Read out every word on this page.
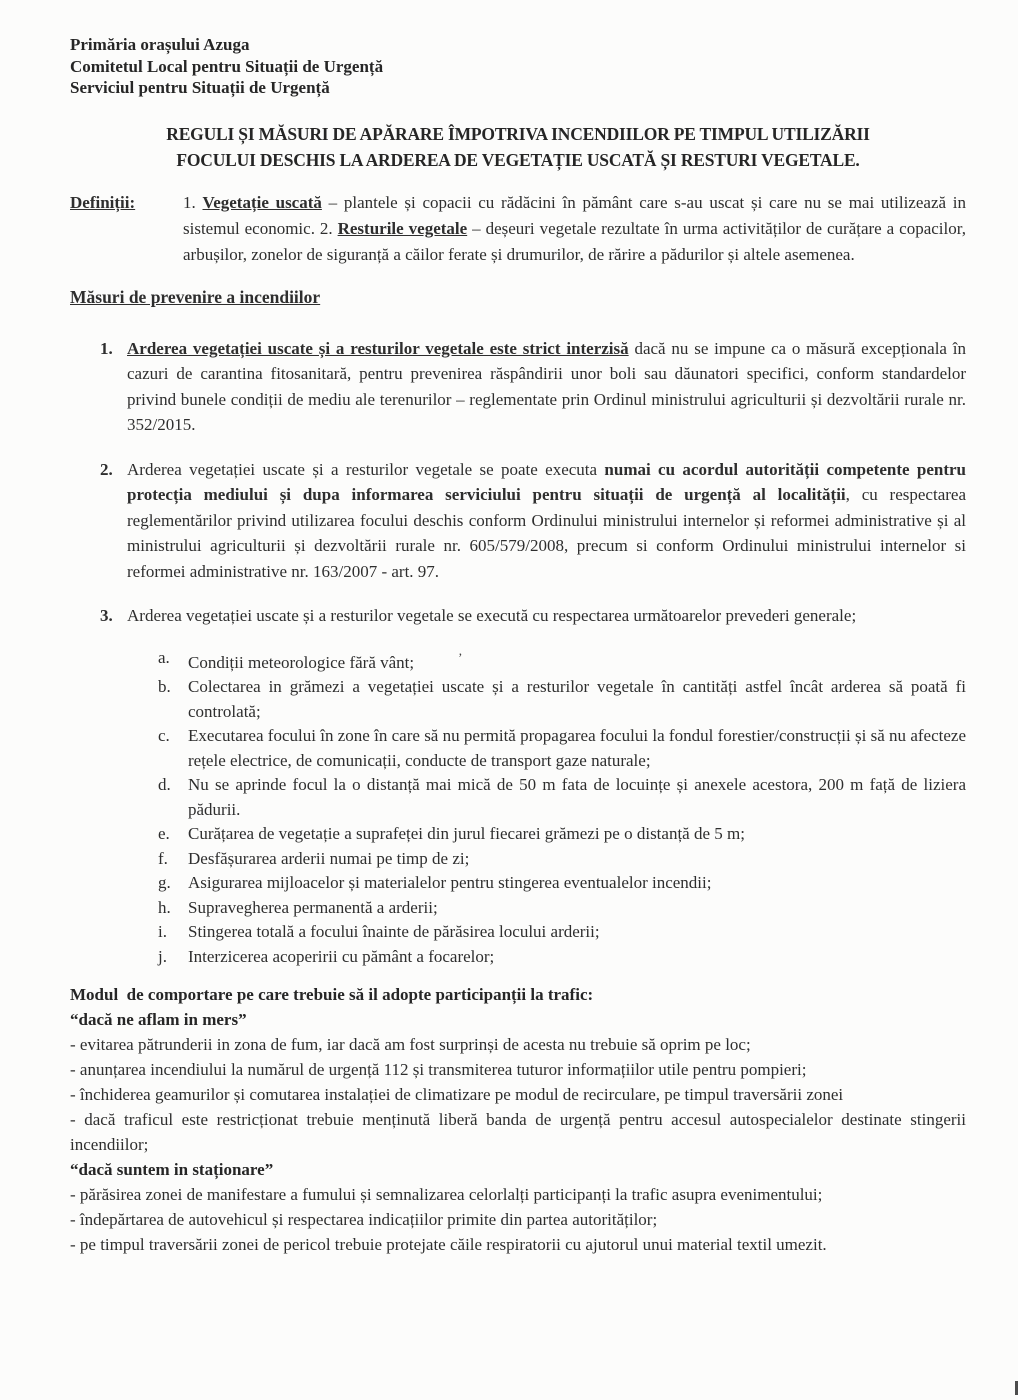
Primăria orașului Azuga
Comitetul Local pentru Situații de Urgență
Serviciul pentru Situații de Urgență
REGULI ȘI MĂSURI DE APĂRARE ÎMPOTRIVA INCENDIILOR PE TIMPUL UTILIZĂRII
FOCULUI DESCHIS LA ARDEREA DE VEGETAȚIE USCATĂ ȘI RESTURI VEGETALE.
Definiții:	1. Vegetație uscată – plantele și copacii cu rădăcini în pământ care s-au uscat și care nu se mai utilizează in sistemul economic. 2. Resturile vegetale – deșeuri vegetale rezultate în urma activităților de curățare a copacilor, arbușilor, zonelor de siguranță a căilor ferate și drumurilor, de rărire a pădurilor și altele asemenea.
Măsuri de prevenire a incendiilor
1. Arderea vegetației uscate și a resturilor vegetale este strict interzisă dacă nu se impune ca o măsură excepționala în cazuri de carantina fitosanitară, pentru prevenirea răspândirii unor boli sau dăunatori specifici, conform standardelor privind bunele condiții de mediu ale terenurilor – reglementate prin Ordinul ministrului agriculturii și dezvoltării rurale nr. 352/2015.
2. Arderea vegetației uscate și a resturilor vegetale se poate executa numai cu acordul autorității competente pentru protecția mediului și dupa informarea serviciului pentru situații de urgență al localității, cu respectarea reglementărilor privind utilizarea focului deschis conform Ordinului ministrului internelor și reformei administrative și al ministrului agriculturii și dezvoltării rurale nr. 605/579/2008, precum si conform Ordinului ministrului internelor si reformei administrative nr. 163/2007 - art. 97.
3. Arderea vegetației uscate și a resturilor vegetale se execută cu respectarea următoarelor prevederi generale;
a.	Condiții meteorologice fără vânt;	’
b.	Colectarea in grămezi a vegetației uscate și a resturilor vegetale în cantități astfel încât arderea să poată fi controlată;
c.	Executarea focului în zone în care să nu permită propagarea focului la fondul forestier/construcții și să nu afecteze rețele electrice, de comunicații, conducte de transport gaze naturale;
d.	Nu se aprinde focul la o distanță mai mică de 50 m fata de locuințe și anexele acestora, 200 m față de liziera pădurii.
e.	Curățarea de vegetație a suprafeței din jurul fiecarei grămezi pe o distanță de 5 m;
f.	Desfășurarea arderii numai pe timp de zi;
g.	Asigurarea mijloacelor și materialelor pentru stingerea eventualelor incendii;
h.	Supravegherea permanentă a arderii;
i.	Stingerea totală a focului înainte de părăsirea locului arderii;
j.	Interzicerea acoperirii cu pământ a focarelor;
Modul  de comportare pe care trebuie să il adopte participanții la trafic:
“dacă ne aflam in mers”
- evitarea pătrunderii in zona de fum, iar dacă am fost surprinși de acesta nu trebuie să oprim pe loc;
- anunțarea incendiului la numărul de urgență 112 și transmiterea tuturor informațiilor utile pentru pompieri;
- închiderea geamurilor și comutarea instalației de climatizare pe modul de recirculare, pe timpul traversării zonei
- dacă traficul este restricționat trebuie menținută liberă banda de urgență pentru accesul autospecialelor destinate stingerii incendiilor;
“dacă suntem in staționare”
- părăsirea zonei de manifestare a fumului și semnalizarea celorlalți participanți la trafic asupra evenimentului;
- îndepărtarea de autovehicul și respectarea indicațiilor primite din partea autorităților;
- pe timpul traversării zonei de pericol trebuie protejate căile respiratorii cu ajutorul unui material textil umezit.
